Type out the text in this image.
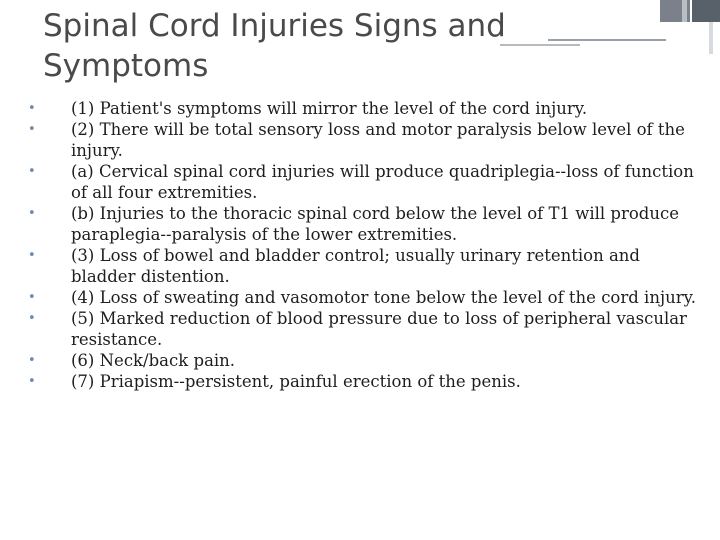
Spinal Cord Injuries Signs and
Symptoms
•	(1) Patient's symptoms will mirror the level of the cord injury.
•	(2) There will be total sensory loss and motor paralysis below level of the injury.
•	(a) Cervical spinal cord injuries will produce quadriplegia--loss of function of all four extremities.
•	(b) Injuries to the thoracic spinal cord below the level of T1 will produce paraplegia--paralysis of the lower extremities.
•	(3) Loss of bowel and bladder control; usually urinary retention and bladder distention.
•	(4) Loss of sweating and vasomotor tone below the level of the cord injury.
•	(5) Marked reduction of blood pressure due to loss of peripheral vascular resistance.
•	(6) Neck/back pain.
•	(7) Priapism--persistent, painful erection of the penis.
